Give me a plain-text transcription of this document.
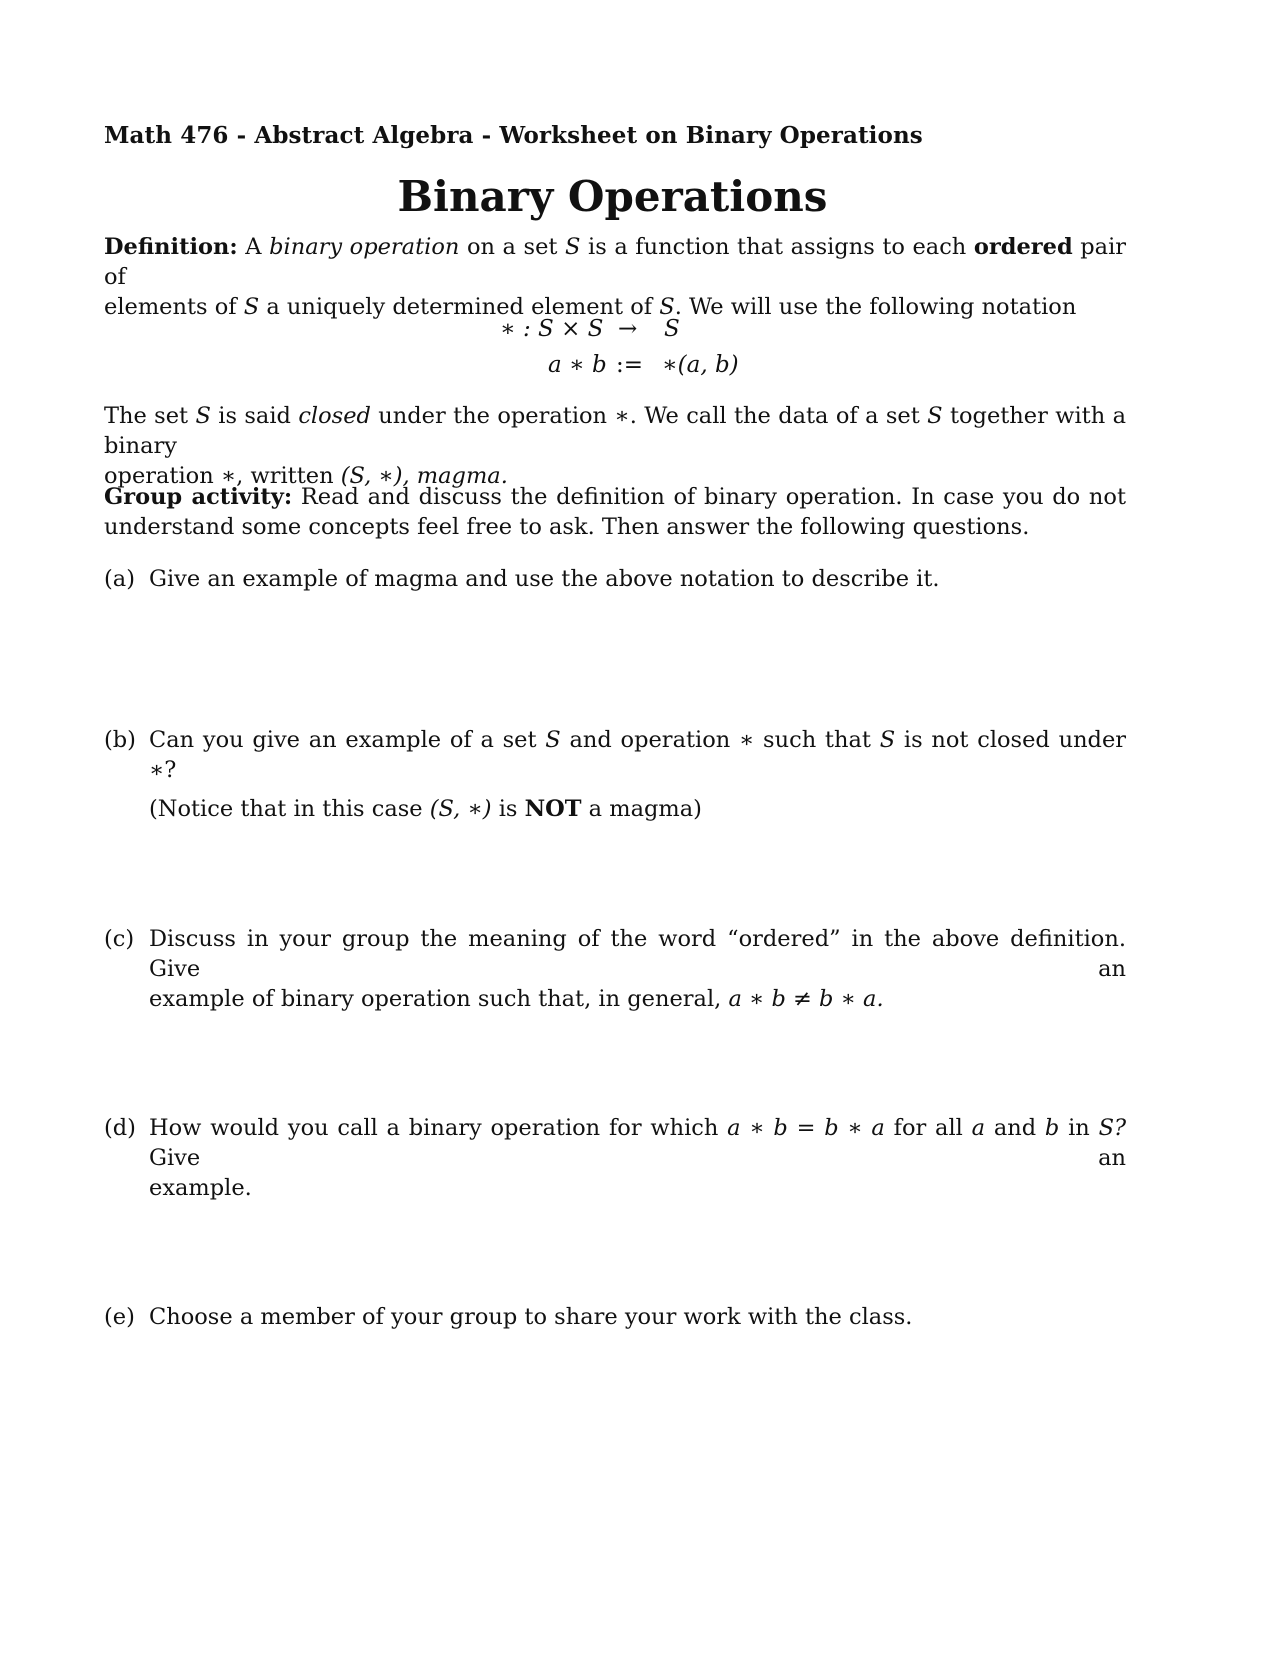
Math 476 - Abstract Algebra - Worksheet on Binary Operations
Binary Operations
Definition: A binary operation on a set S is a function that assigns to each ordered pair of
elements of S a uniquely determined element of S. We will use the following notation
∗ : S × S → S
a ∗ b := ∗(a, b)
The set S is said closed under the operation ∗. We call the data of a set S together with a binary
operation ∗, written (S, ∗), magma.
Group activity: Read and discuss the definition of binary operation. In case you do not
understand some concepts feel free to ask. Then answer the following questions.
(a) Give an example of magma and use the above notation to describe it.
(b) Can you give an example of a set S and operation ∗ such that S is not closed under ∗?
(Notice that in this case (S, ∗) is NOT a magma)
(c) Discuss in your group the meaning of the word “ordered” in the above definition. Give an
example of binary operation such that, in general, a ∗ b ≠ b ∗ a.
(d) How would you call a binary operation for which a ∗ b = b ∗ a for all a and b in S? Give an
example.
(e) Choose a member of your group to share your work with the class.
